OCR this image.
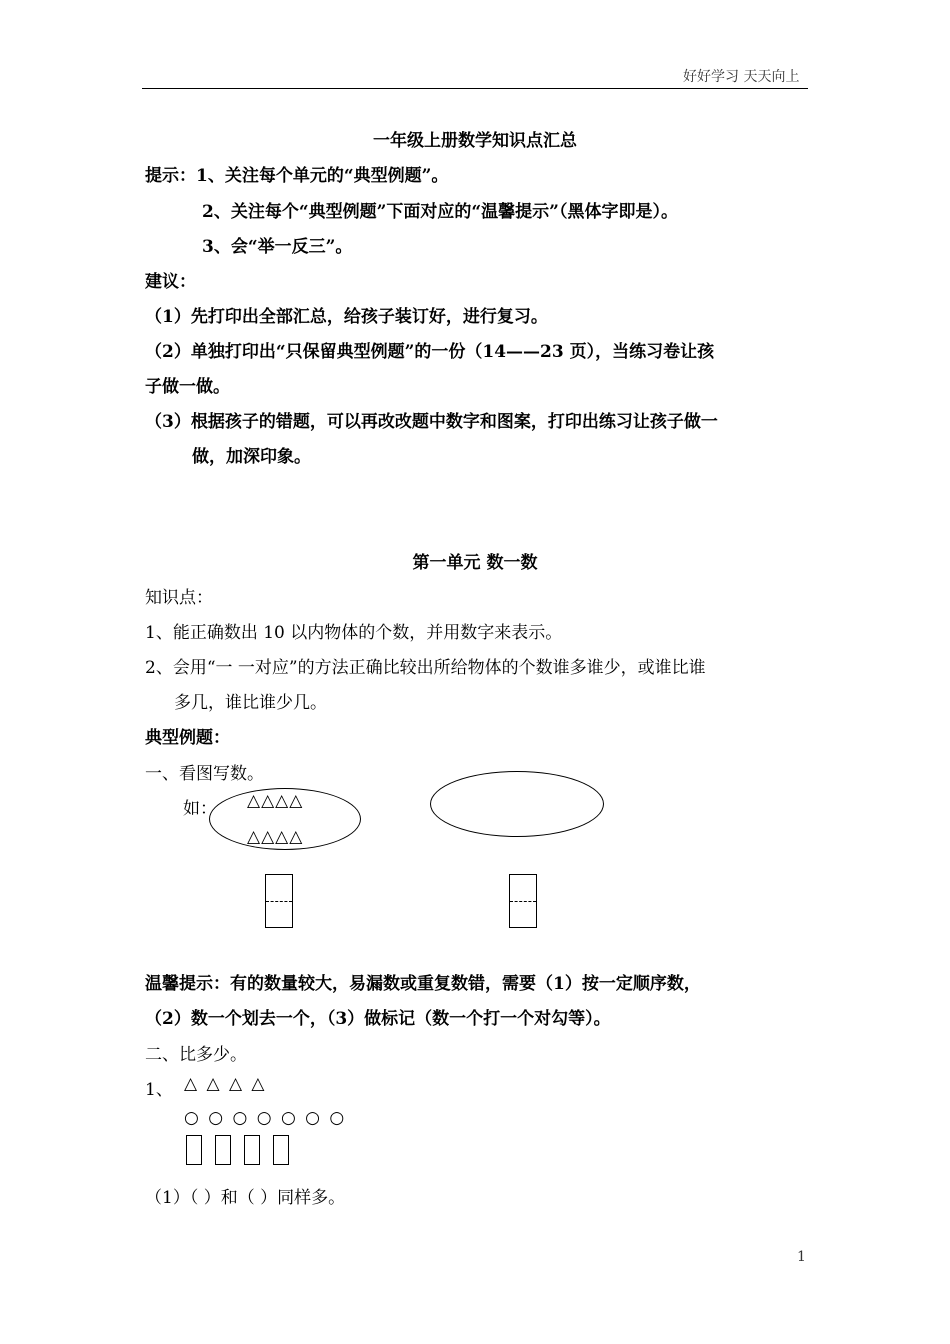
好好学习 天天向上
一年级上册数学知识点汇总
提示：1、关注每个单元的“典型例题”。
2、关注每个“典型例题”下面对应的“温馨提示”（黑体字即是）。
3、会“举一反三”。
建议：
（1）先打印出全部汇总，给孩子装订好，进行复习。
（2）单独打印出“只保留典型例题”的一份（14——23 页），当练习卷让孩
子做一做。
（3）根据孩子的错题，可以再改改题中数字和图案，打印出练习让孩子做一
做，加深印象。
第一单元 数一数
知识点：
1、能正确数出 10 以内物体的个数，并用数字来表示。
2、会用“一 一对应”的方法正确比较出所给物体的个数谁多谁少，或谁比谁
多几，谁比谁少几。
典型例题：
一、看图写数。
如： △△△△
△△△△
温馨提示：有的数量较大，易漏数或重复数错，需要（1）按一定顺序数，
（2）数一个划去一个，（3）做标记（数一个打一个对勾等）。
二、比多少。
1、 △ △ △ △
○ ○ ○ ○ ○ ○ ○
（1）（ ）和（ ）同样多。
1
